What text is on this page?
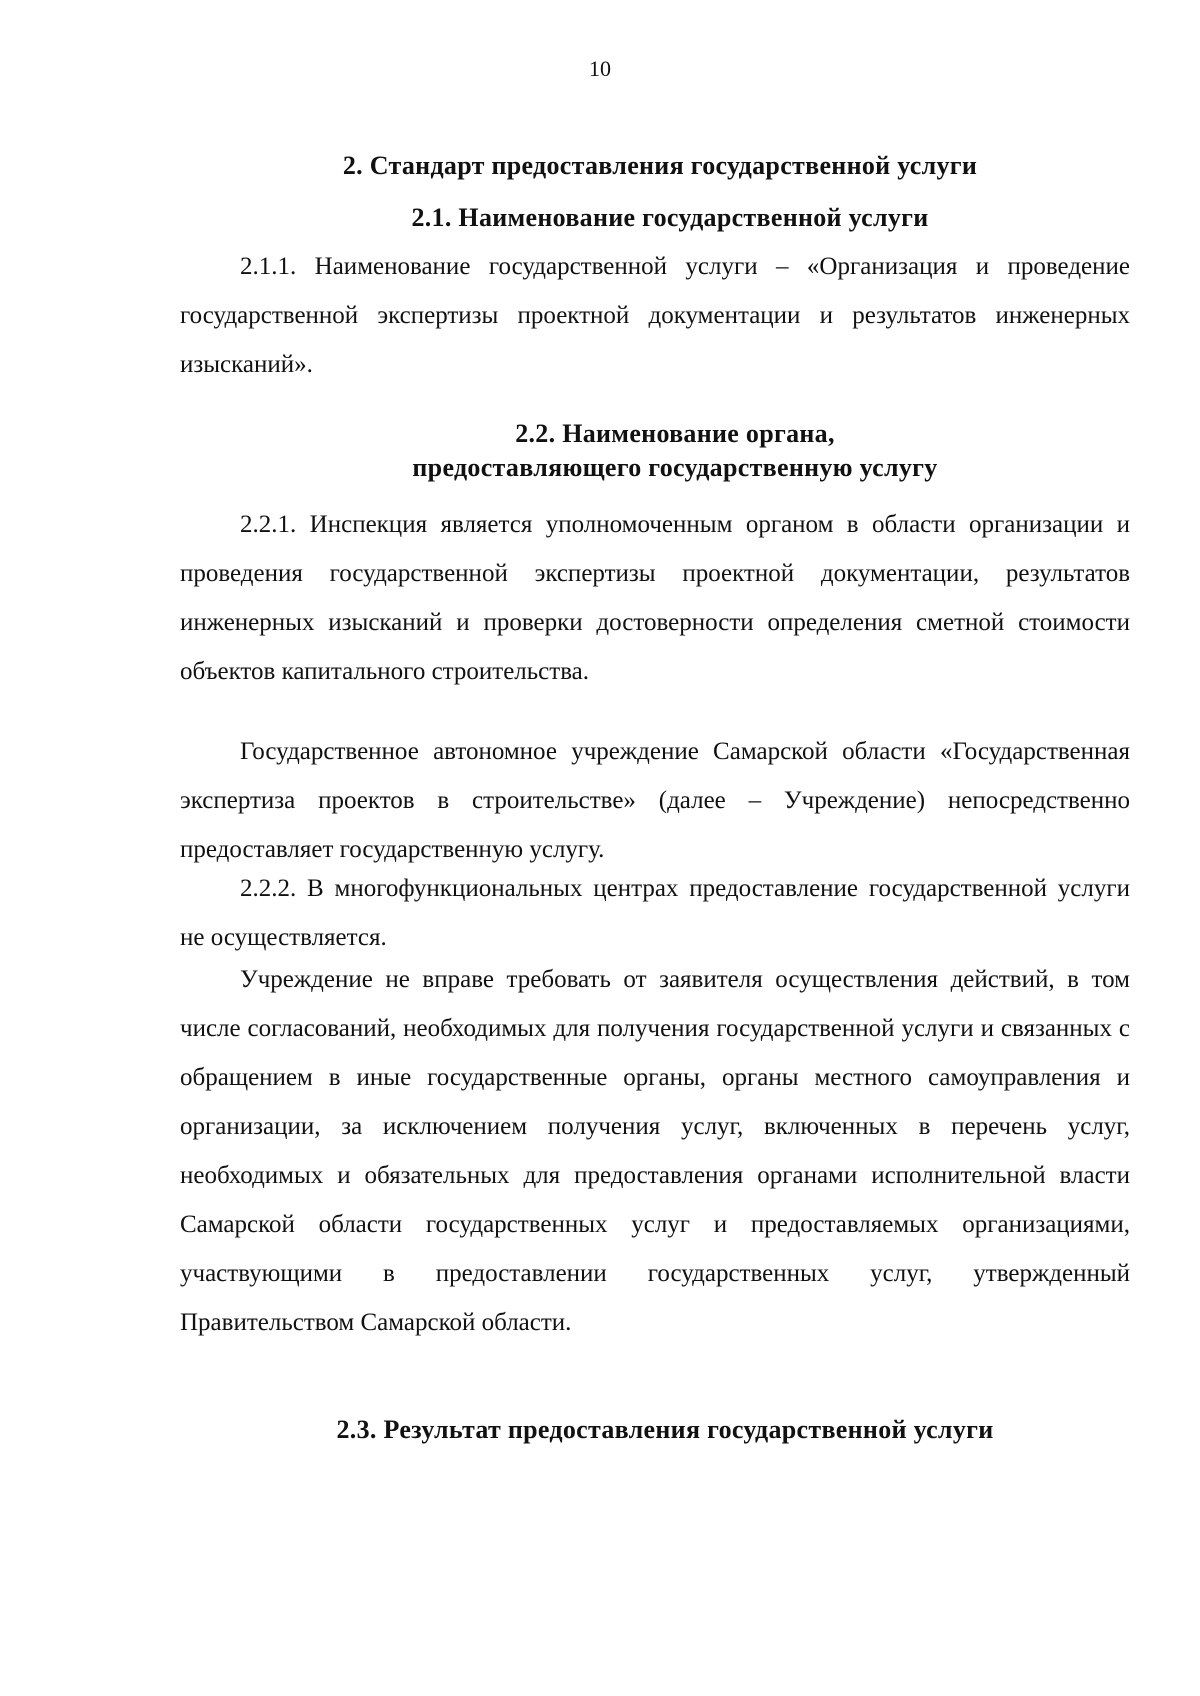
10
2. Стандарт предоставления государственной услуги
2.1. Наименование государственной услуги
2.1.1. Наименование государственной услуги – «Организация и проведение государственной экспертизы проектной документации и результатов инженерных изысканий».
2.2. Наименование органа,
предоставляющего государственную услугу
2.2.1. Инспекция является уполномоченным органом в области организации и проведения государственной экспертизы проектной документации, результатов инженерных изысканий и проверки достоверности определения сметной стоимости объектов капитального строительства.
Государственное автономное учреждение Самарской области «Государственная экспертиза проектов в строительстве» (далее – Учреждение) непосредственно предоставляет государственную услугу.
2.2.2. В многофункциональных центрах предоставление государственной услуги не осуществляется.
Учреждение не вправе требовать от заявителя осуществления действий, в том числе согласований, необходимых для получения государственной услуги и связанных с обращением в иные государственные органы, органы местного самоуправления и организации, за исключением получения услуг, включенных в перечень услуг, необходимых и обязательных для предоставления органами исполнительной власти Самарской области государственных услуг и предоставляемых организациями, участвующими в предоставлении государственных услуг, утвержденный Правительством Самарской области.
2.3. Результат предоставления государственной услуги
